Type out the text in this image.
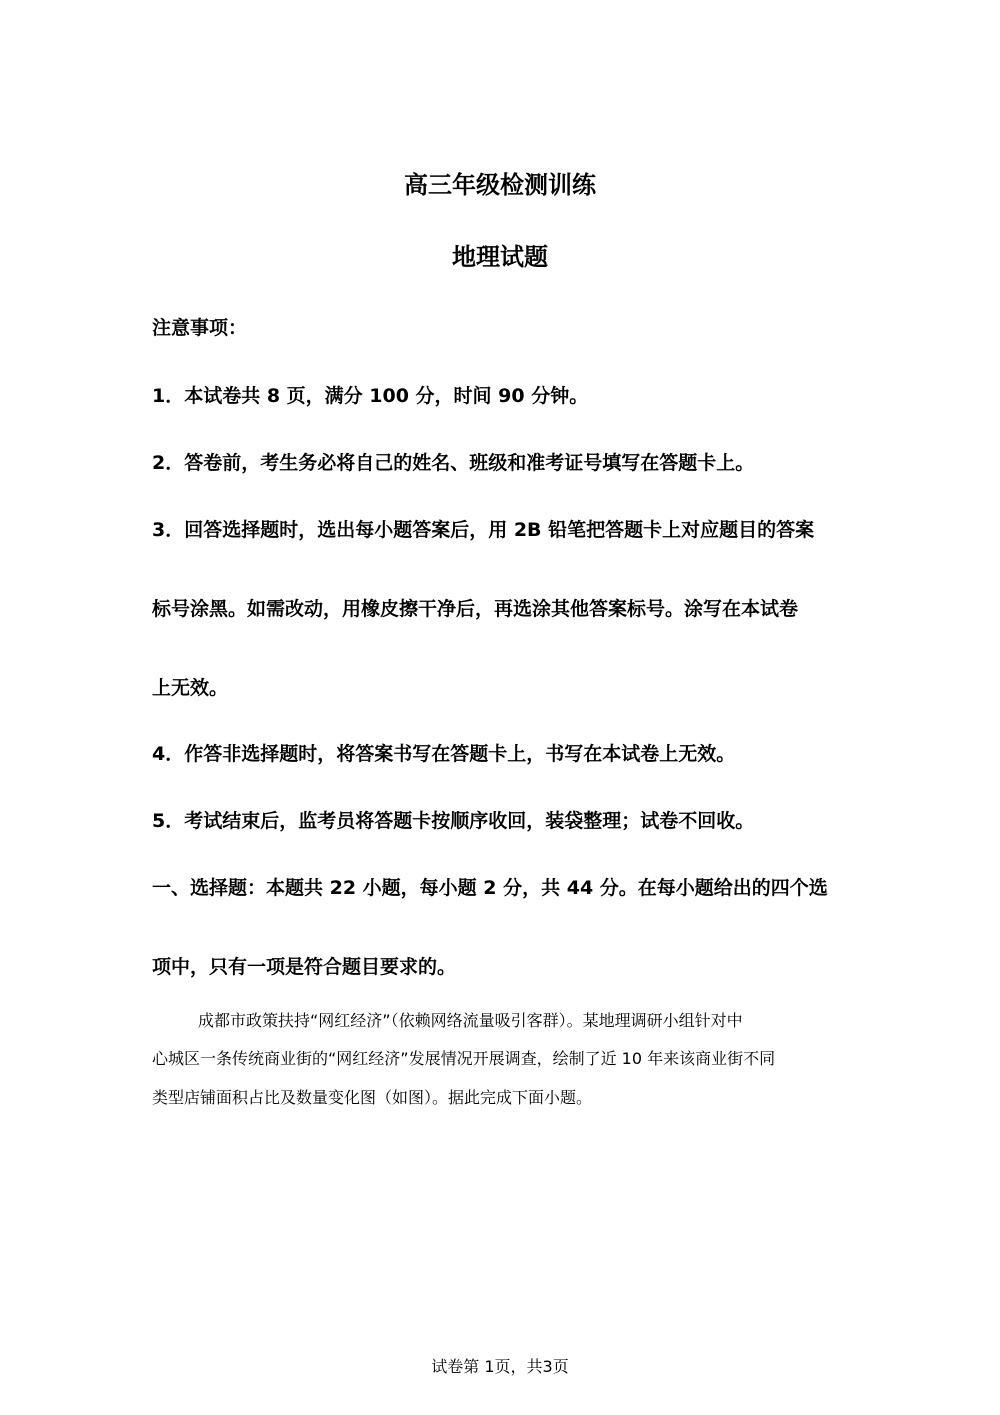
高三年级检测训练
地理试题
注意事项：
1．本试卷共 8 页，满分 100 分，时间 90 分钟。
2．答卷前，考生务必将自己的姓名、班级和准考证号填写在答题卡上。
3．回答选择题时，选出每小题答案后，用 2B 铅笔把答题卡上对应题目的答案
标号涂黑。如需改动，用橡皮擦干净后，再选涂其他答案标号。涂写在本试卷
上无效。
4．作答非选择题时，将答案书写在答题卡上，书写在本试卷上无效。
5．考试结束后，监考员将答题卡按顺序收回，装袋整理；试卷不回收。
一、选择题：本题共 22 小题，每小题 2 分，共 44 分。在每小题给出的四个选
项中，只有一项是符合题目要求的。
成都市政策扶持“网红经济”（依赖网络流量吸引客群）。某地理调研小组针对中
心城区一条传统商业街的“网红经济”发展情况开展调查，绘制了近 10 年来该商业街不同
类型店铺面积占比及数量变化图（如图）。据此完成下面小题。
试卷第 1页，共3页
